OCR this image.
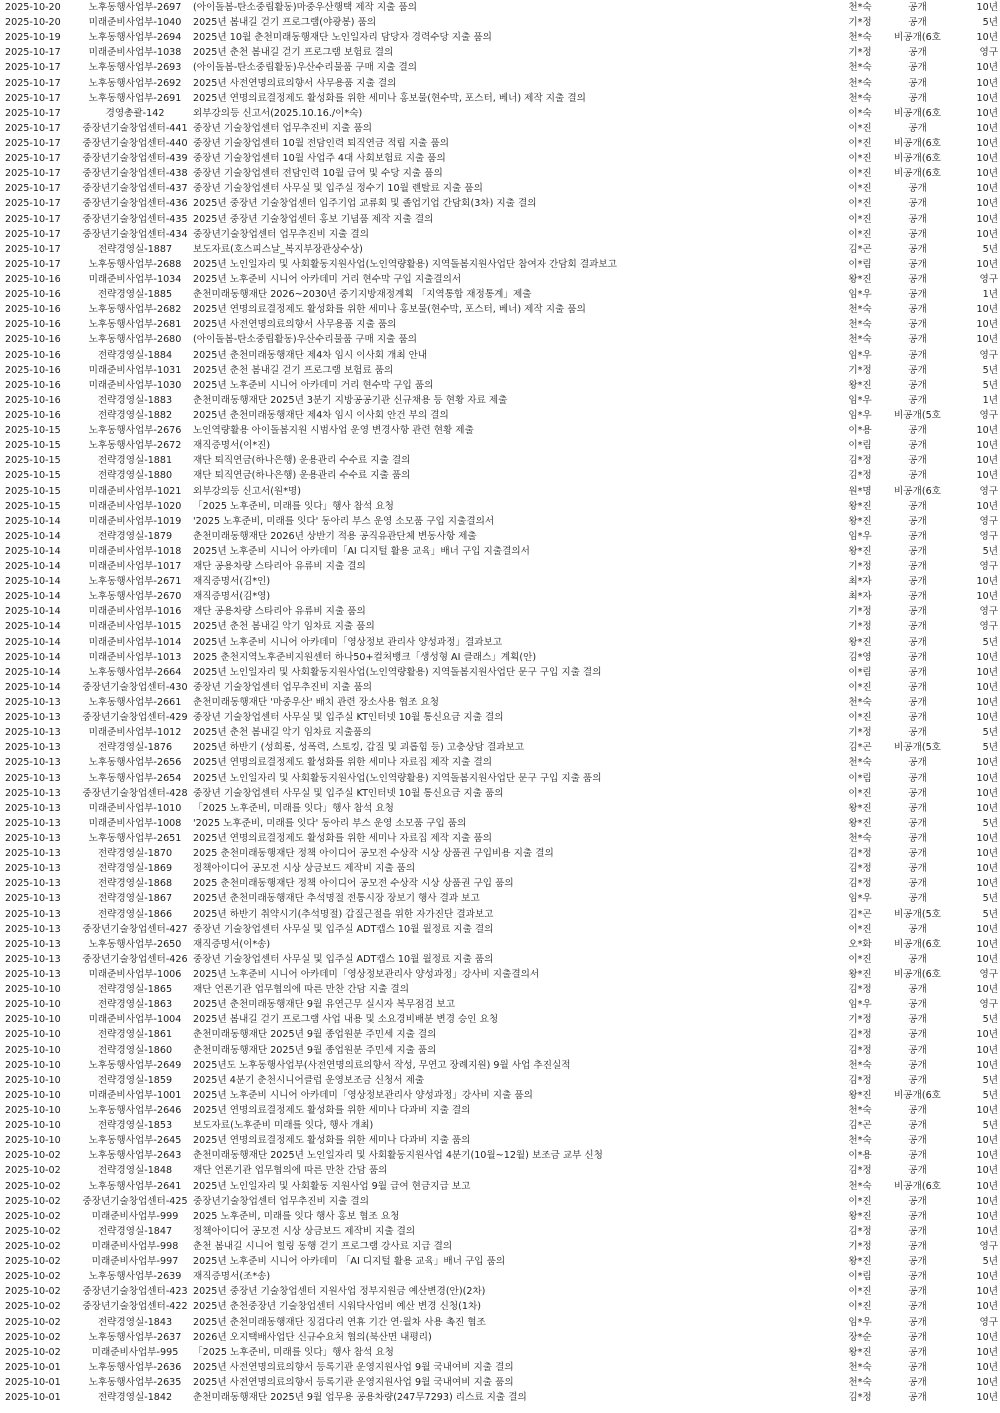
2025-10-20	노후동행사업부-2697	(아이돌봄-탄소중립활동)마중우산행택 제작 지출 품의	천*숙	공개	10년
2025-10-20	미래준비사업부-1040	2025년 봄내길 걷기 프로그램(야광봉) 품의	기*정	공개	5년
2025-10-19	노후동행사업부-2694	2025년 10월 춘천미래동행재단 노인일자리 담당자 경력수당 지출 품의	천*숙	비공개(6호	10년
2025-10-17	미래준비사업부-1038	2025년 춘천 봄내길 걷기 프로그램 보험료 결의	기*정	공개	영구
2025-10-17	노후동행사업부-2693	(아이돌봄-탄소중립활동)우산수리물품 구매 지출 결의	천*숙	공개	10년
2025-10-17	노후동행사업부-2692	2025년 사전연명의료의향서 사무용품 지출 결의	천*숙	공개	10년
2025-10-17	노후동행사업부-2691	2025년 연명의료결정제도 활성화를 위한 세미나 홍보물(현수막, 포스터, 베너) 제작 지출 결의	천*숙	공개	10년
2025-10-17	경영총괄-142	외부강의등 신고서(2025.10.16./이*숙)	이*숙	비공개(6호	10년
2025-10-17	중장년기술창업센터-441	중장년 기술창업센터 업무추진비 지출 품의	이*진	공개	10년
2025-10-17	중장년기술창업센터-440	중장년 기술창업센터 10월 전담인력 퇴직연금 적립 지출 품의	이*진	비공개(6호	10년
2025-10-17	중장년기술창업센터-439	중장년 기술창업센터 10월 사업주 4대 사회보험료 지출 품의	이*진	비공개(6호	10년
2025-10-17	중장년기술창업센터-438	중장년 기술창업센터 전담인력 10월 급여 및 수당 지출 품의	이*진	비공개(6호	10년
2025-10-17	중장년기술창업센터-437	중장년 기술창업센터 사무실 및 입주실 정수기 10월 렌탈료 지출 품의	이*진	공개	10년
2025-10-17	중장년기술창업센터-436	2025년 중장년 기술창업센터 입주기업 교류회 및 졸업기업 간담회(3차) 지출 결의	이*진	공개	10년
2025-10-17	중장년기술창업센터-435	2025년 중장년 기술창업센터 홍보 기념품 제작 지출 결의	이*진	공개	10년
2025-10-17	중장년기술창업센터-434	중장년기술창업센터 업무추진비 지출 결의	이*진	공개	10년
2025-10-17	전략경영실-1887	보도자료(호스피스날_복지부장관상수상)	김*곤	공개	5년
2025-10-17	노후동행사업부-2688	2025년 노인일자리 및 사회활동지원사업(노인역량활용) 지역돌봄지원사업단 참여자 간담회 결과보고	이*림	공개	10년
2025-10-16	미래준비사업부-1034	2025년 노후준비 시니어 아카데미 거리 현수막 구입 지출결의서	왕*진	공개	영구
2025-10-16	전략경영실-1885	춘천미래동행재단 2026~2030년 중기지방재정계획 「지역통합 재정통계」제출	임*우	공개	1년
2025-10-16	노후동행사업부-2682	2025년 연명의료결정제도 활성화를 위한 세미나 홍보물(현수막, 포스터, 베너) 제작 지출 품의	천*숙	공개	10년
2025-10-16	노후동행사업부-2681	2025년 사전연명의료의향서 사무용품 지출 품의	천*숙	공개	10년
2025-10-16	노후동행사업부-2680	(아이돌봄-탄소중립활동)우산수리물품 구매 지출 품의	천*숙	공개	10년
2025-10-16	전략경영실-1884	2025년 춘천미래동행재단 제4차 임시 이사회 개최 안내	임*우	공개	영구
2025-10-16	미래준비사업부-1031	2025년 춘천 봄내길 걷기 프로그램 보험료 품의	기*정	공개	5년
2025-10-16	미래준비사업부-1030	2025년 노후준비 시니어 아카데미 거리 현수막 구입 품의	왕*진	공개	5년
2025-10-16	전략경영실-1883	춘천미래동행재단 2025년 3분기 지방공공기관 신규채용 등 현황 자료 제출	임*우	공개	1년
2025-10-16	전략경영실-1882	2025년 춘천미래동행재단 제4차 임시 이사회 안건 부의 결의	임*우	비공개(5호	영구
2025-10-15	노후동행사업부-2676	노인역량활용 아이돌봄지원 시범사업 운영 변경사항 관련 현황 제출	이*용	공개	10년
2025-10-15	노후동행사업부-2672	재직증명서(이*진)	이*림	공개	10년
2025-10-15	전략경영실-1881	재단 퇴직연금(하나은행) 운용관리 수수료 지출 결의	김*정	공개	10년
2025-10-15	전략경영실-1880	재단 퇴직연금(하나은행) 운용관리 수수료 지출 품의	김*정	공개	10년
2025-10-15	미래준비사업부-1021	외부강의등 신고서(원*명)	원*명	비공개(6호	영구
2025-10-15	미래준비사업부-1020	「2025 노후준비, 미래를 잇다」행사 참석 요청	왕*진	공개	10년
2025-10-14	미래준비사업부-1019	'2025 노후준비, 미래를 잇다' 동아리 부스 운영 소모품 구입 지출결의서	왕*진	공개	영구
2025-10-14	전략경영실-1879	춘천미래동행재단 2026년 상반기 적용 공직유관단체 변동사항 제출	임*우	공개	영구
2025-10-14	미래준비사업부-1018	2025년 노후준비 시니어 아카데미「AI 디지털 활용 교육」배너 구입 지출결의서	왕*진	공개	5년
2025-10-14	미래준비사업부-1017	재단 공용차량 스타리아 유류비 지출 결의	기*정	공개	영구
2025-10-14	노후동행사업부-2671	재직증명서(김*인)	최*자	공개	10년
2025-10-14	노후동행사업부-2670	재직증명서(김*영)	최*자	공개	10년
2025-10-14	미래준비사업부-1016	재단 공용차량 스타리아 유류비 지출 품의	기*정	공개	영구
2025-10-14	미래준비사업부-1015	2025년 춘천 봄내길 악기 임차료 지출 품의	기*정	공개	영구
2025-10-14	미래준비사업부-1014	2025년 노후준비 시니어 아카데미「영상정보 관리사 양성과정」결과보고	왕*진	공개	5년
2025-10-14	미래준비사업부-1013	2025 춘천지역노후준비지원센터 하나50+컬처뱅크「생성형 AI 클래스」계획(안)	김*영	공개	10년
2025-10-14	노후동행사업부-2664	2025년 노인일자리 및 사회활동지원사업(노인역량활용) 지역돌봄지원사업단 문구 구입 지출 결의	이*림	공개	10년
2025-10-14	중장년기술창업센터-430	중장년 기술창업센터 업무추진비 지출 품의	이*진	공개	10년
2025-10-13	노후동행사업부-2661	춘천미래동행재단 '마중우산' 배치 관련 장소사용 협조 요청	천*숙	공개	10년
2025-10-13	중장년기술창업센터-429	중장년 기술창업센터 사무실 및 입주실 KT인터넷 10월 통신요금 지출 결의	이*진	공개	10년
2025-10-13	미래준비사업부-1012	2025년 춘천 봄내길 악기 임차료 지출품의	기*정	공개	5년
2025-10-13	전략경영실-1876	2025년 하반기 (성희롱, 성폭력, 스토킹, 갑질 및 괴롭힘 등) 고충상담 결과보고	김*곤	비공개(5호	5년
2025-10-13	노후동행사업부-2656	2025년 연명의료결정제도 활성화를 위한 세미나 자료집 제작 지출 결의	천*숙	공개	10년
2025-10-13	노후동행사업부-2654	2025년 노인일자리 및 사회활동지원사업(노인역량활용) 지역돌봄지원사업단 문구 구입 지출 품의	이*림	공개	10년
2025-10-13	중장년기술창업센터-428	중장년 기술창업센터 사무실 및 입주실 KT인터넷 10월 통신요금 지출 품의	이*진	공개	10년
2025-10-13	미래준비사업부-1010	「2025 노후준비, 미래를 잇다」행사 참석 요청	왕*진	공개	10년
2025-10-13	미래준비사업부-1008	'2025 노후준비, 미래를 잇다' 동아리 부스 운영 소모품 구입 품의	왕*진	공개	5년
2025-10-13	노후동행사업부-2651	2025년 연명의료결정제도 활성화를 위한 세미나 자료집 제작 지출 품의	천*숙	공개	10년
2025-10-13	전략경영실-1870	2025 춘천미래동행재단 정책 아이디어 공모전 수상작 시상 상품권 구입비용 지출 결의	김*정	공개	10년
2025-10-13	전략경영실-1869	정책아이디어 공모전 시상 상금보드 제작비 지출 품의	김*정	공개	10년
2025-10-13	전략경영실-1868	2025 춘천미래동행재단 정책 아이디어 공모전 수상작 시상 상품권 구입 품의	김*정	공개	10년
2025-10-13	전략경영실-1867	2025년 춘천미래동행재단 추석명절 전통시장 장보기 행사 결과 보고	임*우	공개	5년
2025-10-13	전략경영실-1866	2025년 하반기 취약시기(추석명절) 갑질근절을 위한 자가진단 결과보고	김*곤	비공개(5호	5년
2025-10-13	중장년기술창업센터-427	중장년 기술창업센터 사무실 및 입주실 ADT캡스 10월 월정료 지출 결의	이*진	공개	10년
2025-10-13	노후동행사업부-2650	재직증명서(이*송)	오*화	비공개(6호	10년
2025-10-13	중장년기술창업센터-426	중장년 기술창업센터 사무실 및 입주실 ADT캡스 10월 월정료 지출 품의	이*진	공개	10년
2025-10-13	미래준비사업부-1006	2025년 노후준비 시니어 아카데미「영상정보관리사 양성과정」강사비 지출결의서	왕*진	비공개(6호	영구
2025-10-10	전략경영실-1865	재단 언론기관 업무협의에 따른 만찬 간담 지출 결의	김*정	공개	10년
2025-10-10	전략경영실-1863	2025년 춘천미래동행재단 9월 유연근무 실시자 복무점검 보고	임*우	공개	영구
2025-10-10	미래준비사업부-1004	2025년 봄내길 걷기 프로그램 사업 내용 및 소요경비배분 변경 승인 요청	기*정	공개	5년
2025-10-10	전략경영실-1861	춘천미래동행재단 2025년 9월 종업원분 주민세 지출 결의	김*정	공개	10년
2025-10-10	전략경영실-1860	춘천미래동행재단 2025년 9월 종업원분 주민세 지출 품의	김*정	공개	10년
2025-10-10	노후동행사업부-2649	2025년도 노후동행사업부(사전연명의료의향서 작성, 무연고 장례지원) 9월 사업 추진실적	천*숙	공개	10년
2025-10-10	전략경영실-1859	2025년 4분기 춘천시니어클럽 운영보조금 신청서 제출	김*정	공개	5년
2025-10-10	미래준비사업부-1001	2025년 노후준비 시니어 아카데미「영상정보관리사 양성과정」강사비 지출 품의	왕*진	비공개(6호	5년
2025-10-10	노후동행사업부-2646	2025년 연명의료결정제도 활성화를 위한 세미나 다과비 지출 결의	천*숙	공개	10년
2025-10-10	전략경영실-1853	보도자료(노후준비 미래를 잇다, 행사 개최)	김*곤	공개	5년
2025-10-10	노후동행사업부-2645	2025년 연명의료결정제도 활성화를 위한 세미나 다과비 지출 품의	천*숙	공개	10년
2025-10-02	노후동행사업부-2643	춘천미래동행재단 2025년 노인일자리 및 사회활동지원사업 4분기(10월~12월) 보조금 교부 신청	이*용	공개	10년
2025-10-02	전략경영실-1848	재단 언론기관 업무협의에 따른 만찬 간담 품의	김*정	공개	10년
2025-10-02	노후동행사업부-2641	2025년 노인일자리 및 사회활동 지원사업 9월 급여 현금지급 보고	천*숙	비공개(6호	10년
2025-10-02	중장년기술창업센터-425	중장년기술창업센터 업무추진비 지출 결의	이*진	공개	10년
2025-10-02	미래준비사업부-999	2025 노후준비, 미래를 잇다 행사 홍보 협조 요청	왕*진	공개	10년
2025-10-02	전략경영실-1847	정책아이디어 공모전 시상 상금보드 제작비 지출 결의	김*정	공개	10년
2025-10-02	미래준비사업부-998	춘천 봄내길 시니어 힐링 동행 걷기 프로그램 강사료 지급 결의	기*정	공개	영구
2025-10-02	미래준비사업부-997	2025년 노후준비 시니어 아카데미 「AI 디지털 활용 교육」배너 구입 품의	왕*진	공개	5년
2025-10-02	노후동행사업부-2639	재직증명서(조*송)	이*림	공개	10년
2025-10-02	중장년기술창업센터-423	2025년 중장년 기술창업센터 지원사업 정부지원금 예산변경(안)(2차)	이*진	공개	10년
2025-10-02	중장년기술창업센터-422	2025년 춘천중장년 기술창업센터 시워닥사업비 예산 변경 신청(1차)	이*진	공개	10년
2025-10-02	전략경영실-1843	2025년 춘천미래동행재단 징검다리 연휴 기간 연·월차 사용 촉진 협조	임*우	공개	영구
2025-10-02	노후동행사업부-2637	2026년 오지택배사업단 신규수요처 협의(북산면 내평리)	장*순	공개	10년
2025-10-02	미래준비사업부-995	「2025 노후준비, 미래를 잇다」행사 참석 요청	왕*진	공개	10년
2025-10-01	노후동행사업부-2636	2025년 사전연명의료의향서 등록기관 운영지원사업 9월 국내여비 지출 결의	천*숙	공개	10년
2025-10-01	노후동행사업부-2635	2025년 사전연명의료의향서 등록기관 운영지원사업 9월 국내여비 지출 품의	천*숙	공개	10년
2025-10-01	전략경영실-1842	춘천미래동행재단 2025년 9월 업무용 공용차량(247무7293) 리스료 지출 결의	김*정	공개	10년
